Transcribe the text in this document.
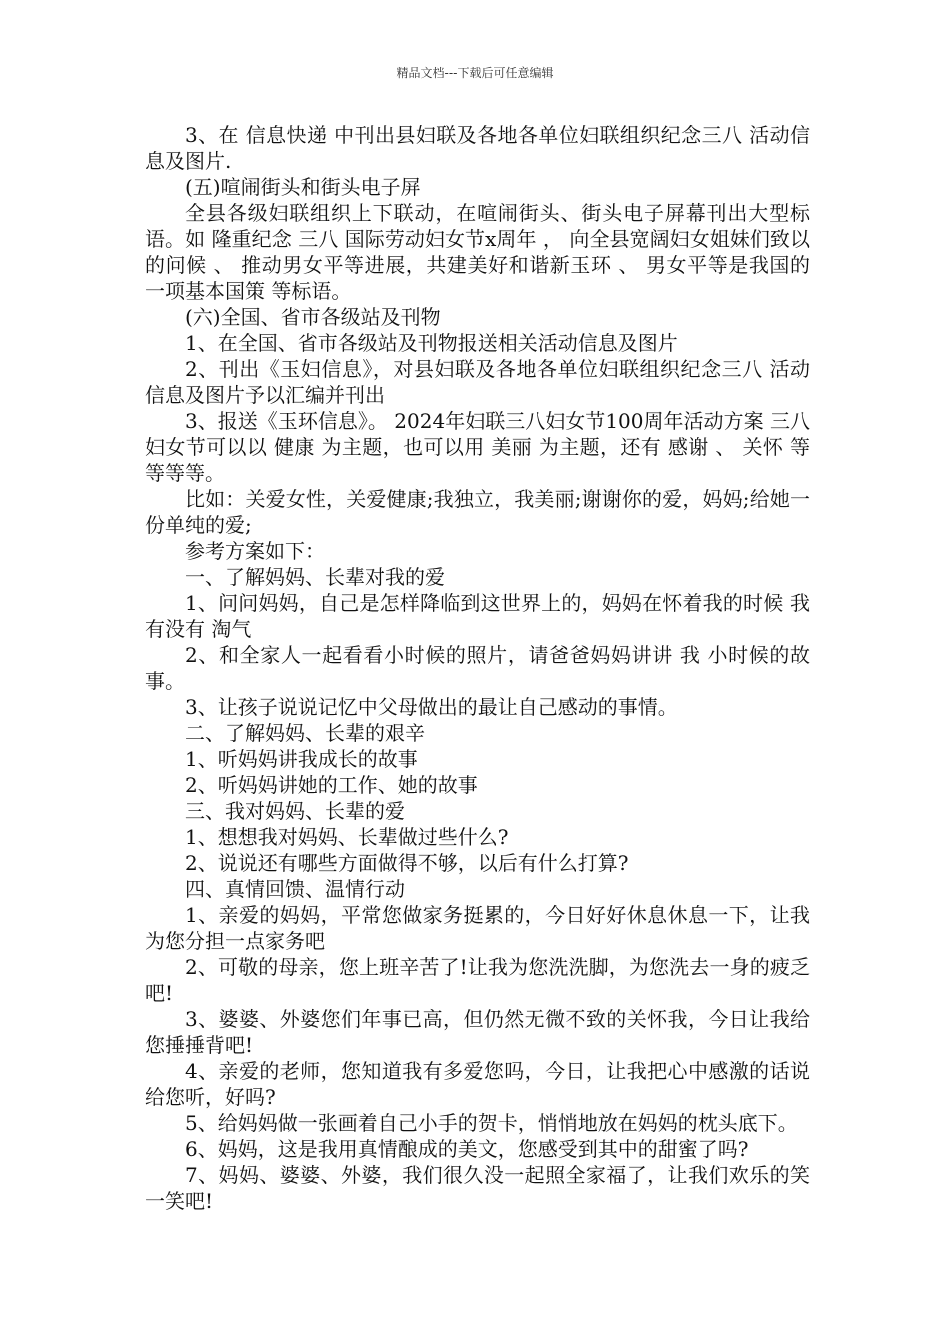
精品文档---下载后可任意编辑

3、在 信息快递 中刊出县妇联及各地各单位妇联组织纪念三八 活动信息及图片.

(五)喧闹街头和街头电子屏

全县各级妇联组织上下联动，在喧闹街头、街头电子屏幕刊出大型标语。如 隆重纪念 三八 国际劳动妇女节x周年 ， 向全县宽阔妇女姐妹们致以的问候 、 推动男女平等进展，共建美好和谐新玉环 、 男女平等是我国的一项基本国策 等标语。

(六)全国、省市各级站及刊物

1、在全国、省市各级站及刊物报送相关活动信息及图片

2、刊出《玉妇信息》，对县妇联及各地各单位妇联组织纪念三八 活动信息及图片予以汇编并刊出

3、报送《玉环信息》。 2024年妇联三八妇女节100周年活动方案 三八妇女节可以以 健康 为主题，也可以用 美丽 为主题，还有 感谢 、 关怀 等等等等。

比如：关爱女性，关爱健康;我独立，我美丽;谢谢你的爱，妈妈;给她一份单纯的爱;

参考方案如下：

一、了解妈妈、长辈对我的爱

1、问问妈妈，自己是怎样降临到这世界上的，妈妈在怀着我的时候 我 有没有 淘气

2、和全家人一起看看小时候的照片，请爸爸妈妈讲讲 我 小时候的故事。

3、让孩子说说记忆中父母做出的最让自己感动的事情。

二、了解妈妈、长辈的艰辛

1、听妈妈讲我成长的故事

2、听妈妈讲她的工作、她的故事

三、我对妈妈、长辈的爱

1、想想我对妈妈、长辈做过些什么?

2、说说还有哪些方面做得不够，以后有什么打算?

四、真情回馈、温情行动

1、亲爱的妈妈，平常您做家务挺累的，今日好好休息休息一下，让我为您分担一点家务吧

2、可敬的母亲，您上班辛苦了!让我为您洗洗脚，为您洗去一身的疲乏吧!

3、婆婆、外婆您们年事已高，但仍然无微不致的关怀我，今日让我给您捶捶背吧!

4、亲爱的老师，您知道我有多爱您吗，今日，让我把心中感激的话说给您听，好吗?

5、给妈妈做一张画着自己小手的贺卡，悄悄地放在妈妈的枕头底下。

6、妈妈，这是我用真情酿成的美文，您感受到其中的甜蜜了吗?

7、妈妈、婆婆、外婆，我们很久没一起照全家福了，让我们欢乐的笑一笑吧!
